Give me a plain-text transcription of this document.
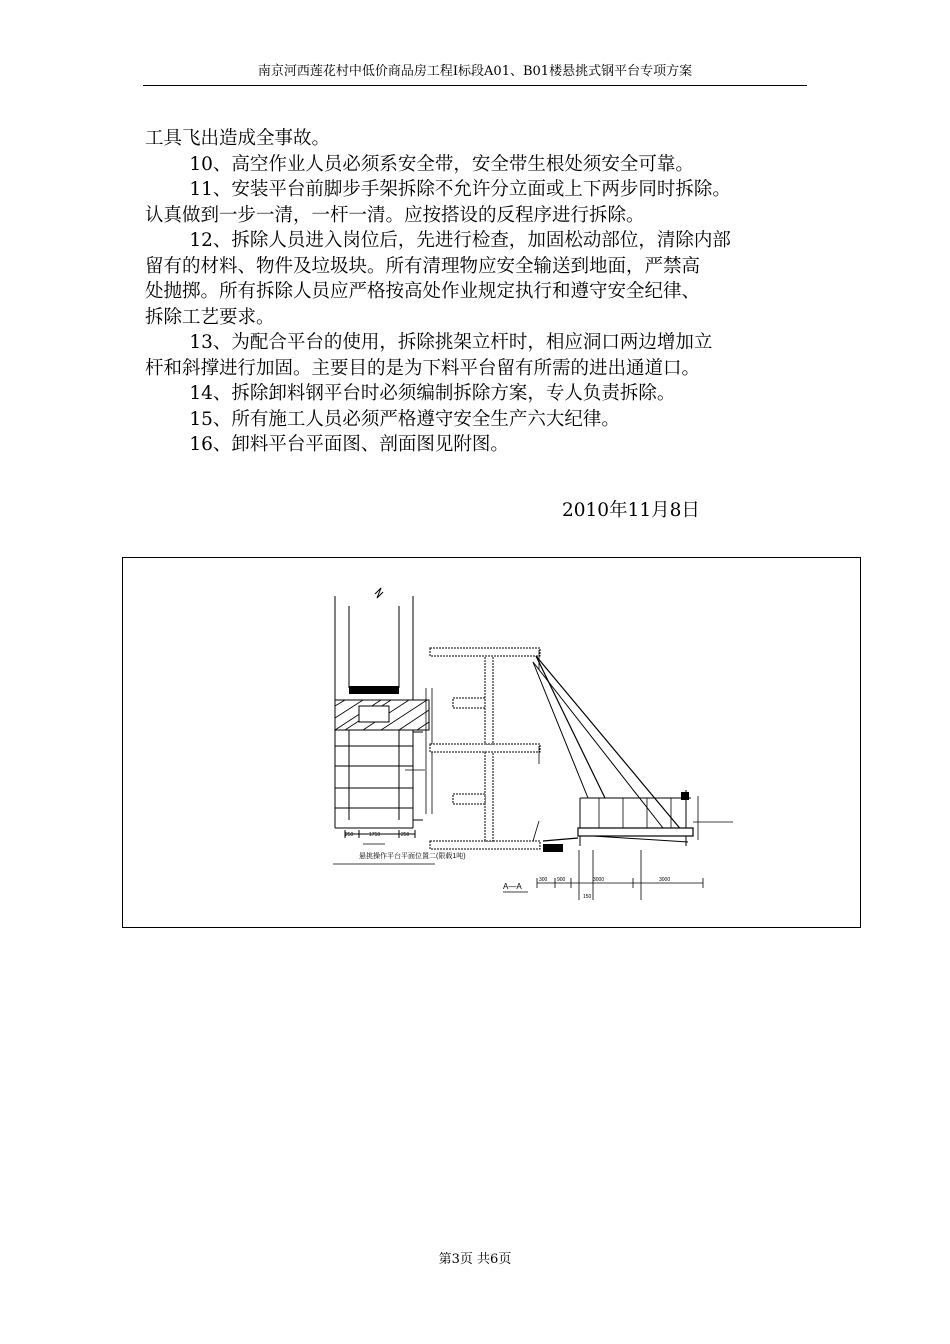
南京河西莲花村中低价商品房工程I标段A01、B01楼悬挑式钢平台专项方案

工具飞出造成全事故。

10、高空作业人员必须系安全带，安全带生根处须安全可靠。

11、安装平台前脚步手架拆除不允许分立面或上下两步同时拆除。

认真做到一步一清，一杆一清。应按搭设的反程序进行拆除。

12、拆除人员进入岗位后，先进行检查，加固松动部位，清除内部

留有的材料、物件及垃圾块。所有清理物应安全输送到地面，严禁高

处抛掷。所有拆除人员应严格按高处作业规定执行和遵守安全纪律、

拆除工艺要求。

13、为配合平台的使用，拆除挑架立杆时，相应洞口两边增加立

杆和斜撑进行加固。主要目的是为下料平台留有所需的进出通道口。

14、拆除卸料钢平台时必须编制拆除方案，专人负责拆除。

15、所有施工人员必须严格遵守安全生产六大纪律。

16、卸料平台平面图、剖面图见附图。

2010年11月8日
悬挑操作平台平面位置二(限载1吨)
A—A
250	1750	250
300 900	3000	3000
150
第3页 共6页
